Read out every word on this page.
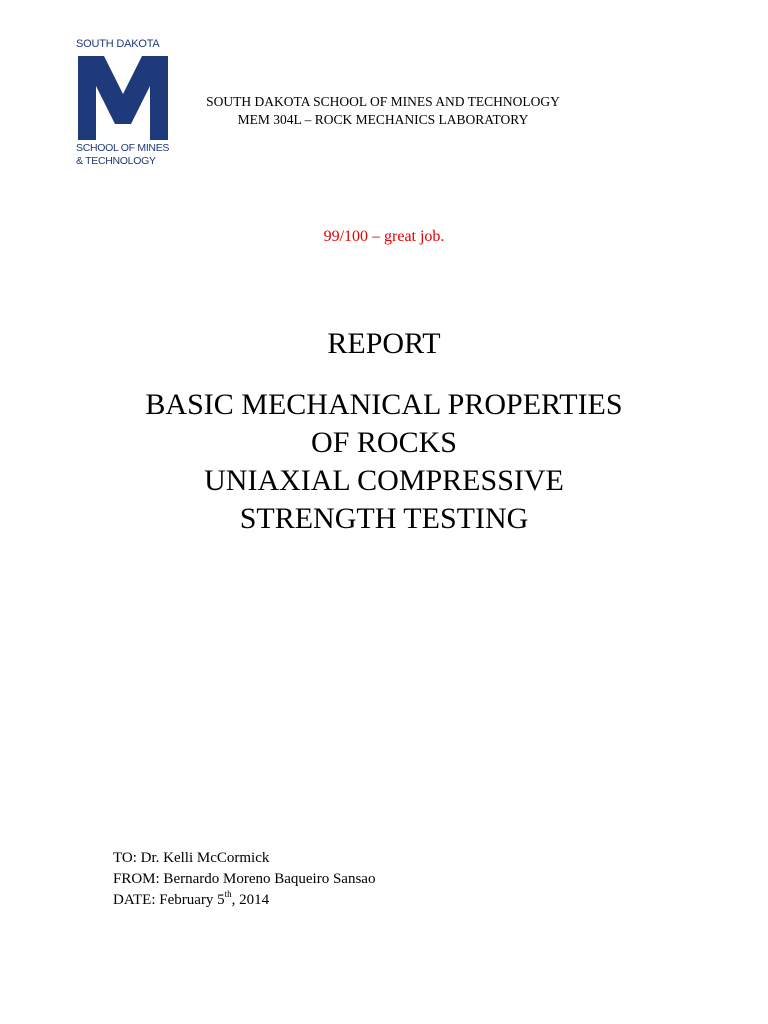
SOUTH DAKOTA
SCHOOL OF MINES
& TECHNOLOGY
SOUTH DAKOTA SCHOOL OF MINES AND TECHNOLOGY
MEM 304L – ROCK MECHANICS LABORATORY
99/100 – great job.
REPORT
BASIC MECHANICAL PROPERTIES
OF ROCKS
UNIAXIAL COMPRESSIVE
STRENGTH TESTING
TO: Dr. Kelli McCormick
FROM: Bernardo Moreno Baqueiro Sansao
DATE: February 5th, 2014
